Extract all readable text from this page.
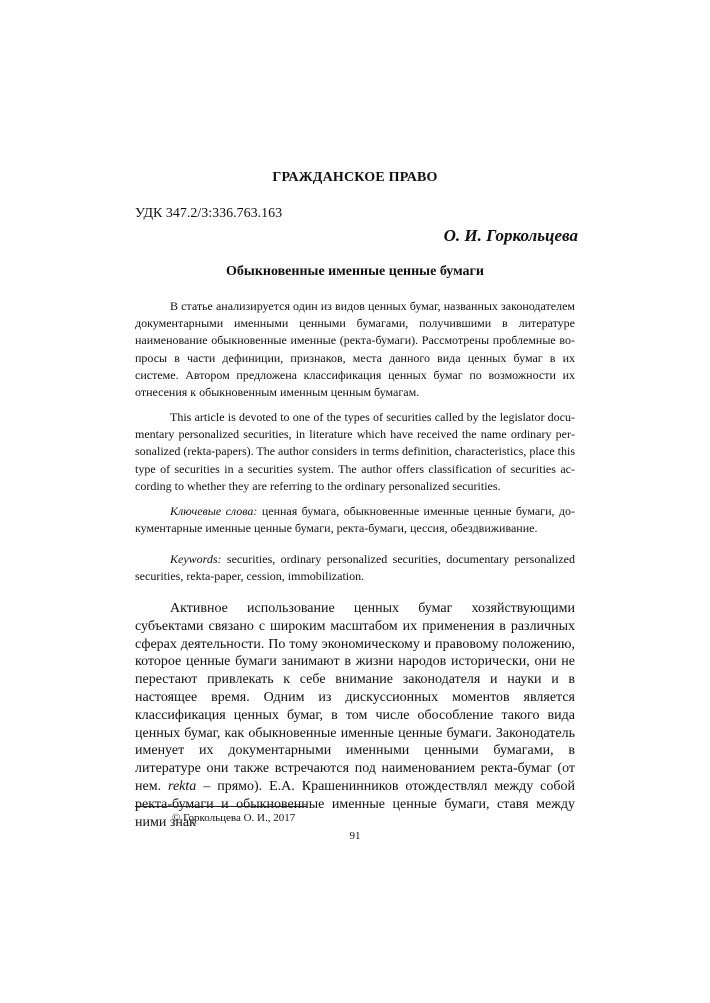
ГРАЖДАНСКОЕ ПРАВО
УДК 347.2/3:336.763.163
О. И. Горкольцева
Обыкновенные именные ценные бумаги

В статье анализируется один из видов ценных бумаг, названных законодателем документарными именными ценными бумагами, получившими в литературе наименование обыкновенные именные (ректа-бумаги). Рассмотрены проблемные вопросы в части дефиниции, признаков, места данного вида ценных бумаг в их системе. Автором предложена классификация ценных бумаг по возможности их отнесения к обыкновенным именным ценным бумагам.

This article is devoted to one of the types of securities called by the legislator documentary personalized securities, in literature which have received the name ordinary personalized (rekta-papers). The author considers in terms definition, characteristics, place this type of securities in a securities system. The author offers classification of securities according to whether they are referring to the ordinary personalized securities.

Ключевые слова: ценная бумага, обыкновенные именные ценные бумаги, документарные именные ценные бумаги, ректа-бумаги, цессия, обездвиживание.

Keywords: securities, ordinary personalized securities, documentary personalized securities, rekta-paper, cession, immobilization.

Активное использование ценных бумаг хозяйствующими субъектами связано с широким масштабом их применения в различных сферах деятельности. По тому экономическому и правовому положению, которое ценные бумаги занимают в жизни народов исторически, они не перестают привлекать к себе внимание законодателя и науки и в настоящее время. Одним из дискуссионных моментов является классификация ценных бумаг, в том числе обособление такого вида ценных бумаг, как обыкновенные именные ценные бумаги. Законодатель именует их документарными именными ценными бумагами, в литературе они также встречаются под наименованием ректа-бумаг (от нем. rekta – прямо). Е.А. Крашенинников отождествлял между собой ректа-бумаги и обыкновенные именные ценные бумаги, ставя между ними знак

© Горкольцева О. И., 2017
91
